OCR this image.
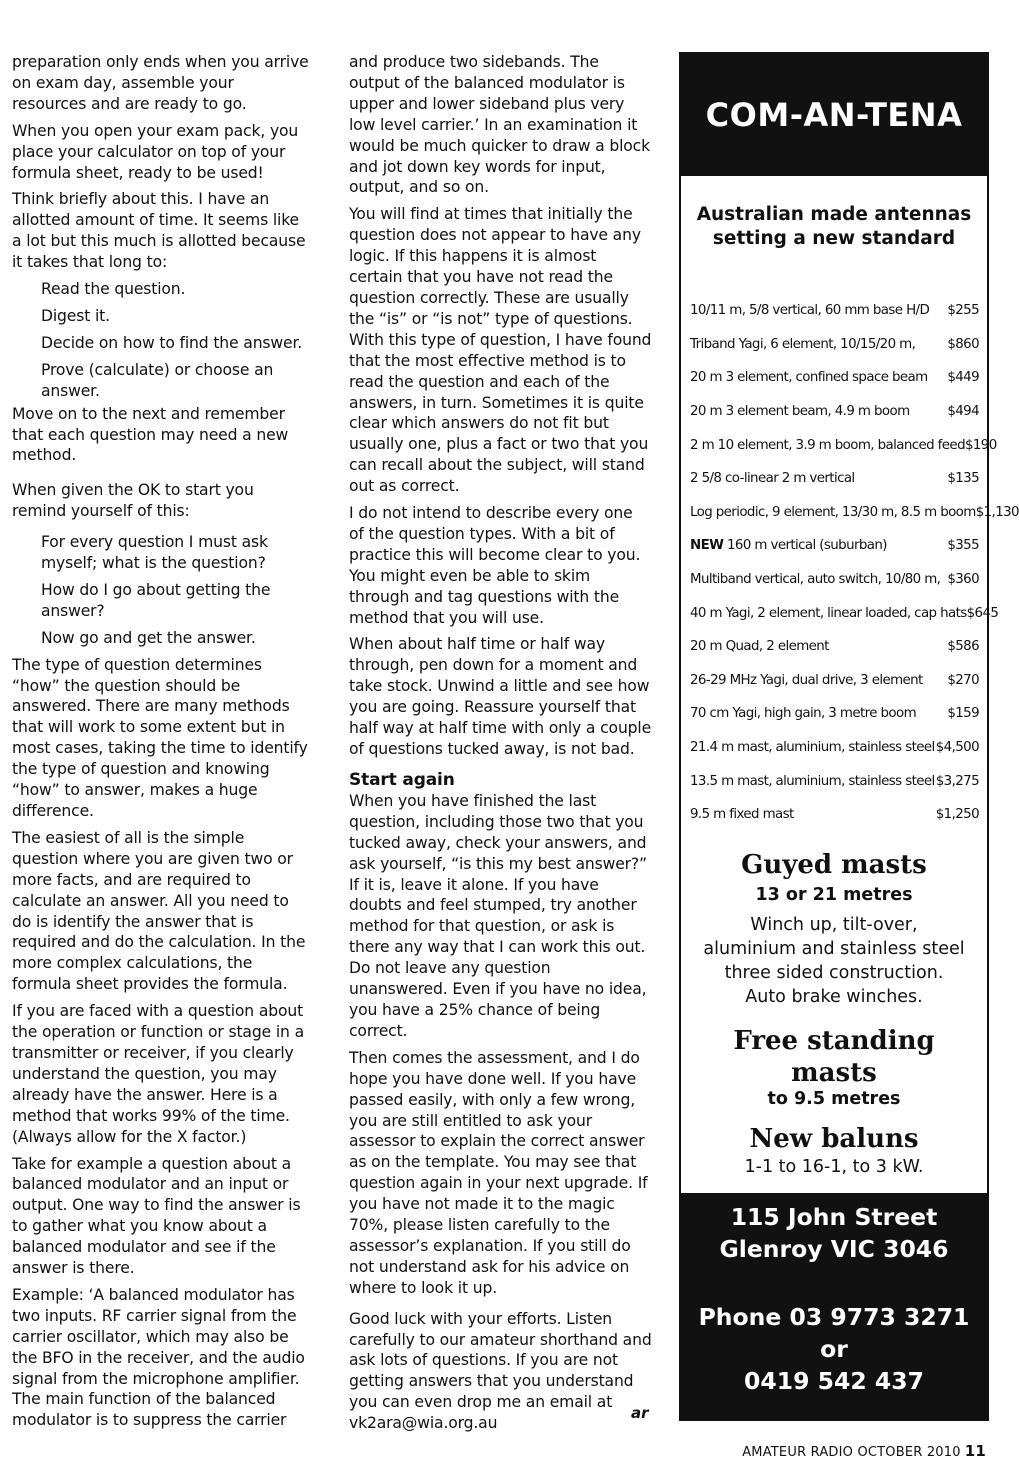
preparation only ends when you arrive on exam day, assemble your resources and are ready to go.

When you open your exam pack, you place your calculator on top of your formula sheet, ready to be used!

Think briefly about this. I have an allotted amount of time. It seems like a lot but this much is allotted because it takes that long to:

Read the question.

Digest it.

Decide on how to find the answer.

Prove (calculate) or choose an answer.

Move on to the next and remember that each question may need a new method.

When given the OK to start you remind yourself of this:

For every question I must ask myself; what is the question?

How do I go about getting the answer?

Now go and get the answer.

The type of question determines “how” the question should be answered. There are many methods that will work to some extent but in most cases, taking the time to identify the type of question and knowing “how” to answer, makes a huge difference.

The easiest of all is the simple question where you are given two or more facts, and are required to calculate an answer. All you need to do is identify the answer that is required and do the calculation. In the more complex calculations, the formula sheet provides the formula.

If you are faced with a question about the operation or function or stage in a transmitter or receiver, if you clearly understand the question, you may already have the answer. Here is a method that works 99% of the time. (Always allow for the X factor.)

Take for example a question about a balanced modulator and an input or output. One way to find the answer is to gather what you know about a balanced modulator and see if the answer is there.

Example: ‘A balanced modulator has two inputs. RF carrier signal from the carrier oscillator, which may also be the BFO in the receiver, and the audio signal from the microphone amplifier. The main function of the balanced modulator is to suppress the carrier

and produce two sidebands. The output of the balanced modulator is upper and lower sideband plus very low level carrier.’ In an examination it would be much quicker to draw a block and jot down key words for input, output, and so on.

You will find at times that initially the question does not appear to have any logic. If this happens it is almost certain that you have not read the question correctly. These are usually the “is” or “is not” type of questions. With this type of question, I have found that the most effective method is to read the question and each of the answers, in turn. Sometimes it is quite clear which answers do not fit but usually one, plus a fact or two that you can recall about the subject, will stand out as correct.

I do not intend to describe every one of the question types. With a bit of practice this will become clear to you. You might even be able to skim through and tag questions with the method that you will use.

When about half time or half way through, pen down for a moment and take stock. Unwind a little and see how you are going. Reassure yourself that half way at half time with only a couple of questions tucked away, is not bad.

Start again

When you have finished the last question, including those two that you tucked away, check your answers, and ask yourself, “is this my best answer?” If it is, leave it alone. If you have doubts and feel stumped, try another method for that question, or ask is there any way that I can work this out. Do not leave any question unanswered. Even if you have no idea, you have a 25% chance of being correct.

Then comes the assessment, and I do hope you have done well. If you have passed easily, with only a few wrong, you are still entitled to ask your assessor to explain the correct answer as on the template. You may see that question again in your next upgrade. If you have not made it to the magic 70%, please listen carefully to the assessor’s explanation. If you still do not understand ask for his advice on where to look it up.

Good luck with your efforts. Listen carefully to our amateur shorthand and ask lots of questions. If you are not getting answers that you understand you can even drop me an email at vk2ara@wia.org.au

ar
COM-AN-TENA
Australian made antennas
setting a new standard
10/11 m, 5/8 vertical, 60 mm base H/D $255
Triband Yagi, 6 element, 10/15/20 m, $860
20 m 3 element, confined space beam $449
20 m 3 element beam, 4.9 m boom	$494
2 m 10 element, 3.9 m boom, balanced feed $190
2 5/8 co-linear 2 m vertical	$135
Log periodic, 9 element, 13/30 m, 8.5 m boom $1,130
NEW 160 m vertical (suburban)	$355
Multiband vertical, auto switch, 10/80 m, $360
40 m Yagi, 2 element, linear loaded, cap hats $645
20 m Quad, 2 element	$586
26-29 MHz Yagi, dual drive, 3 element $270
70 cm Yagi, high gain, 3 metre boom $159
21.4 m mast, aluminium, stainless steel $4,500
13.5 m mast, aluminium, stainless steel $3,275
9.5 m fixed mast	$1,250
Guyed masts
13 or 21 metres
Winch up, tilt-over,
aluminium and stainless steel
three sided construction.
Auto brake winches.
Free standing
masts
to 9.5 metres
New baluns
1-1 to 16-1, to 3 kW.
115 John Street
Glenroy VIC 3046
Phone 03 9773 3271
or
0419 542 437
AMATEUR RADIO OCTOBER 2010 11
